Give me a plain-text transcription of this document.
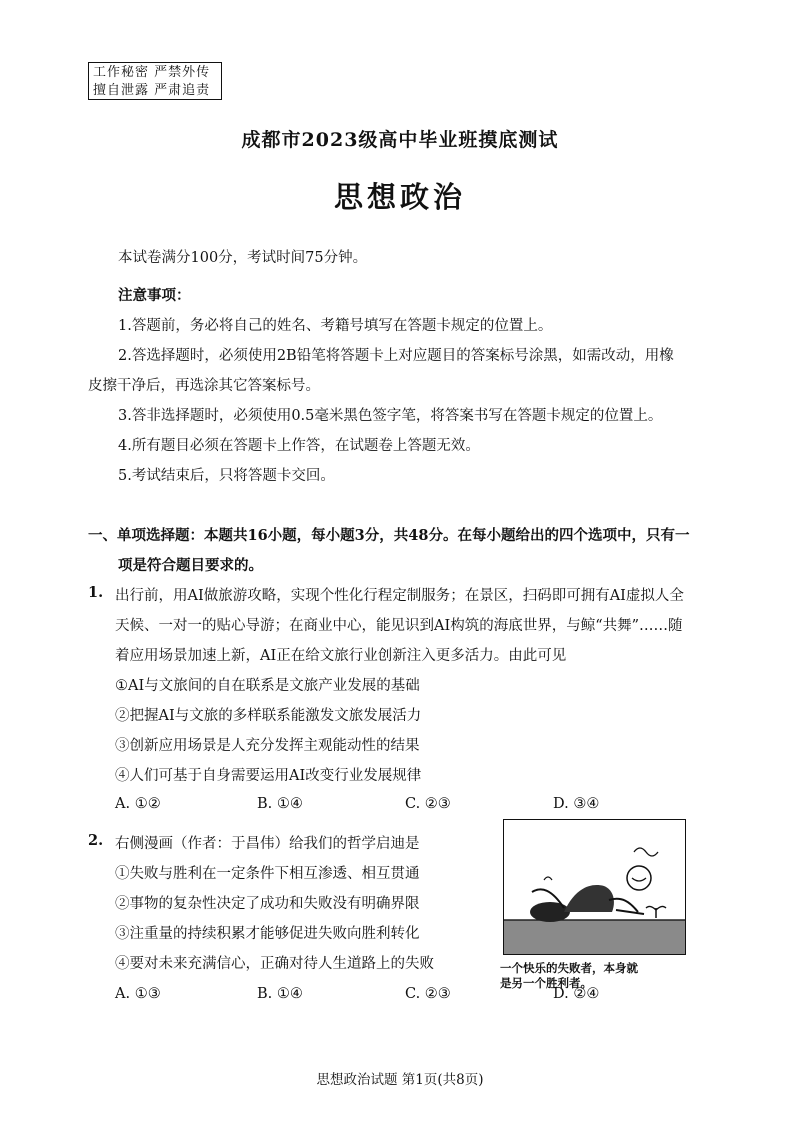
工作秘密 严禁外传
擅自泄露 严肃追责
成都市2023级高中毕业班摸底测试
思想政治
本试卷满分100分，考试时间75分钟。
注意事项：
1.答题前，务必将自己的姓名、考籍号填写在答题卡规定的位置上。
2.答选择题时，必须使用2B铅笔将答题卡上对应题目的答案标号涂黑，如需改动，用橡
皮擦干净后，再选涂其它答案标号。
3.答非选择题时，必须使用0.5毫米黑色签字笔，将答案书写在答题卡规定的位置上。
4.所有题目必须在答题卡上作答，在试题卷上答题无效。
5.考试结束后，只将答题卡交回。
一、单项选择题：本题共16小题，每小题3分，共48分。在每小题给出的四个选项中，只有一
项是符合题目要求的。
1. 出行前，用AI做旅游攻略，实现个性化行程定制服务；在景区，扫码即可拥有AI虚拟人全
天候、一对一的贴心导游；在商业中心，能见识到AI构筑的海底世界，与鲸“共舞”……随
着应用场景加速上新，AI正在给文旅行业创新注入更多活力。由此可见
①AI与文旅间的自在联系是文旅产业发展的基础
②把握AI与文旅的多样联系能激发文旅发展活力
③创新应用场景是人充分发挥主观能动性的结果
④人们可基于自身需要运用AI改变行业发展规律
A. ①②	B. ①④	C. ②③	D. ③④
2. 右侧漫画（作者：于昌伟）给我们的哲学启迪是
①失败与胜利在一定条件下相互渗透、相互贯通
②事物的复杂性决定了成功和失败没有明确界限
③注重量的持续积累才能够促进失败向胜利转化
④要对未来充满信心，正确对待人生道路上的失败
A. ①③	B. ①④	C. ②③	D. ②④
一个快乐的失败者，本身就
是另一个胜利者。
思想政治试题 第1页(共8页)
